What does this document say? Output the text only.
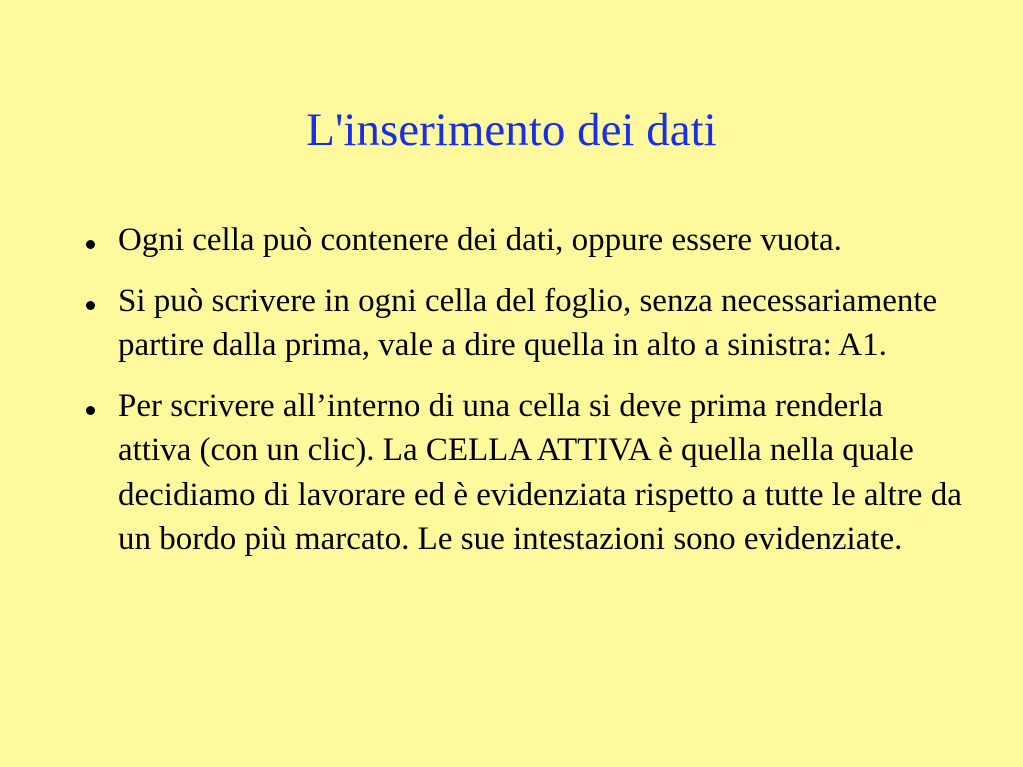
L'inserimento dei dati
Ogni cella può contenere dei dati, oppure essere vuota.
Si può scrivere in ogni cella del foglio, senza necessariamente partire dalla prima, vale a dire quella in alto a sinistra: A1.
Per scrivere all’interno di una cella si deve prima renderla attiva (con un clic). La CELLA ATTIVA è quella nella quale decidiamo di lavorare ed è evidenziata rispetto a tutte le altre da un bordo più marcato. Le sue intestazioni sono evidenziate.
